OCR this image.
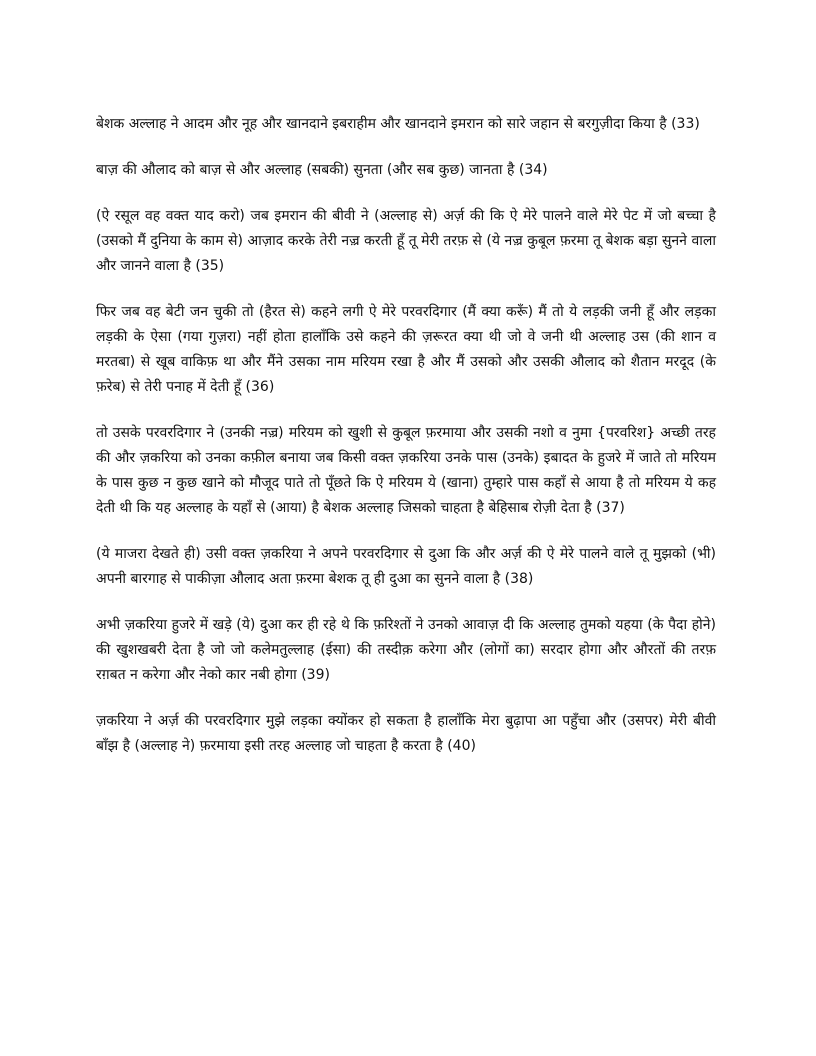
बेशक अल्लाह ने आदम और नूह और खानदाने इबराहीम और खानदाने इमरान को सारे जहान से बरगुज़ीदा किया है (33)

बाज़ की औलाद को बाज़ से और अल्लाह (सबकी) सुनता (और सब कुछ) जानता है (34)

(ऐ रसूल वह वक्त याद करो) जब इमरान की बीवी ने (अल्लाह से) अर्ज़ की कि ऐ मेरे पालने वाले मेरे पेट में जो बच्चा है (उसको मैं दुनिया के काम से) आज़ाद करके तेरी नज़्र करती हूँ तू मेरी तरफ़ से (ये नज़्र कुबूल फ़रमा तू बेशक बड़ा सुनने वाला और जानने वाला है (35)

फिर जब वह बेटी जन चुकी तो (हैरत से) कहने लगी ऐ मेरे परवरदिगार (मैं क्या करूँ) मैं तो ये लड़की जनी हूँ और लड़का लड़की के ऐसा (गया गुज़रा) नहीं होता हालाँकि उसे कहने की ज़रूरत क्या थी जो वे जनी थी अल्लाह उस (की शान व मरतबा) से खूब वाकिफ़ था और मैंने उसका नाम मरियम रखा है और मैं उसको और उसकी औलाद को शैतान मरदूद (के फ़रेब) से तेरी पनाह में देती हूँ (36)

तो उसके परवरदिगार ने (उनकी नज़्र) मरियम को खुशी से कुबूल फ़रमाया और उसकी नशो व नुमा {परवरिश} अच्छी तरह की और ज़करिया को उनका कफ़ील बनाया जब किसी वक्त ज़करिया उनके पास (उनके) इबादत के हुजरे में जाते तो मरियम के पास कुछ न कुछ खाने को मौजूद पाते तो पूँछते कि ऐ मरियम ये (खाना) तुम्हारे पास कहाँ से आया है तो मरियम ये कह देती थी कि यह अल्लाह के यहाँ से (आया) है बेशक अल्लाह जिसको चाहता है बेहिसाब रोज़ी देता है (37)

(ये माजरा देखते ही) उसी वक्त ज़करिया ने अपने परवरदिगार से दुआ कि और अर्ज़ की ऐ मेरे पालने वाले तू मुझको (भी) अपनी बारगाह से पाकीज़ा औलाद अता फ़रमा बेशक तू ही दुआ का सुनने वाला है (38)

अभी ज़करिया हुजरे में खड़े (ये) दुआ कर ही रहे थे कि फ़रिश्तों ने उनको आवाज़ दी कि अल्लाह तुमको यहया (के पैदा होने) की खुशखबरी देता है जो जो कलेमतुल्लाह (ईसा) की तस्दीक़ करेगा और (लोगों का) सरदार होगा और औरतों की तरफ़ रग़बत न करेगा और नेको कार नबी होगा (39)

ज़करिया ने अर्ज़ की परवरदिगार मुझे लड़का क्योंकर हो सकता है हालाँकि मेरा बुढ़ापा आ पहुँचा और (उसपर) मेरी बीवी बाँझ है (अल्लाह ने) फ़रमाया इसी तरह अल्लाह जो चाहता है करता है (40)
